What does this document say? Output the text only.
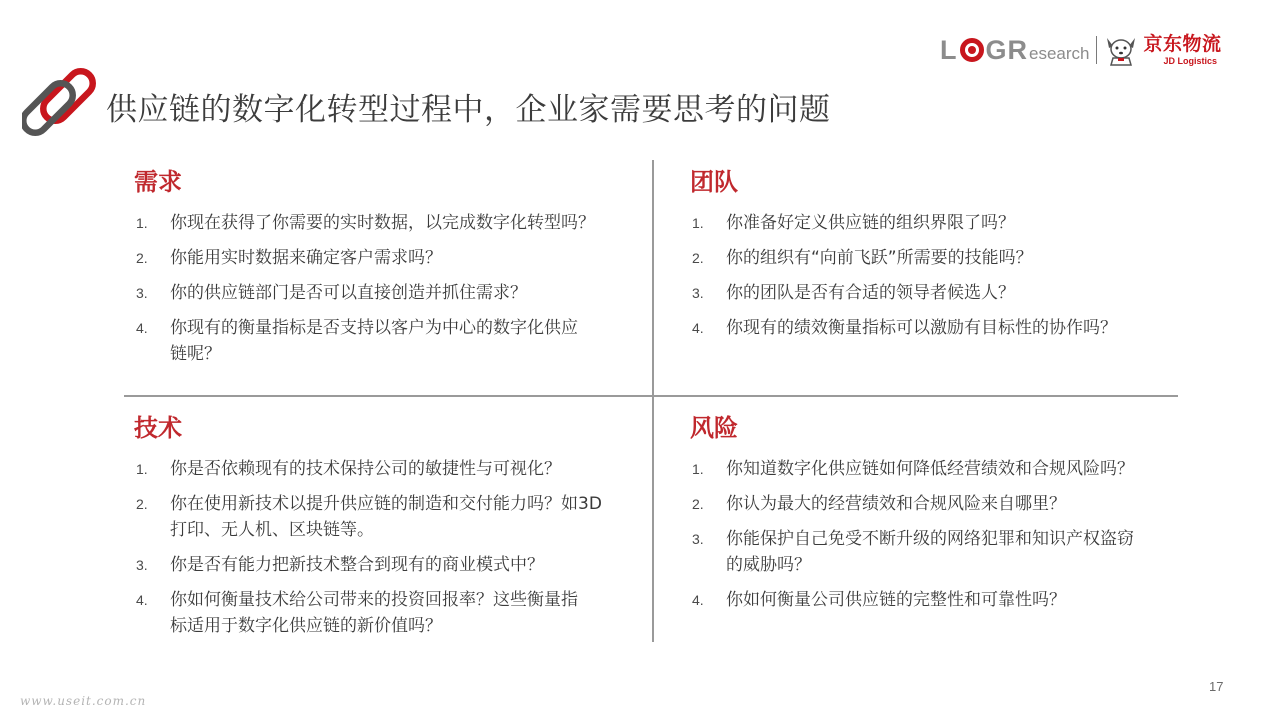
供应链的数字化转型过程中，企业家需要思考的问题
L GR esearch	京东物流
JD Logistics
需求
1.	你现在获得了你需要的实时数据，以完成数字化转型吗？
2.	你能用实时数据来确定客户需求吗？
3.	你的供应链部门是否可以直接创造并抓住需求？
4.	你现有的衡量指标是否支持以客户为中心的数字化供应链呢？
团队
1.	你准备好定义供应链的组织界限了吗？
2.	你的组织有“向前飞跃”所需要的技能吗？
3.	你的团队是否有合适的领导者候选人？
4.	你现有的绩效衡量指标可以激励有目标性的协作吗？
技术
1.	你是否依赖现有的技术保持公司的敏捷性与可视化？
2.	你在使用新技术以提升供应链的制造和交付能力吗？如3D打印、无人机、区块链等。
3.	你是否有能力把新技术整合到现有的商业模式中？
4.	你如何衡量技术给公司带来的投资回报率？这些衡量指标适用于数字化供应链的新价值吗？
风险
1.	你知道数字化供应链如何降低经营绩效和合规风险吗？
2.	你认为最大的经营绩效和合规风险来自哪里？
3.	你能保护自己免受不断升级的网络犯罪和知识产权盗窃的威胁吗？
4.	你如何衡量公司供应链的完整性和可靠性吗？
17
www.useit.com.cn
